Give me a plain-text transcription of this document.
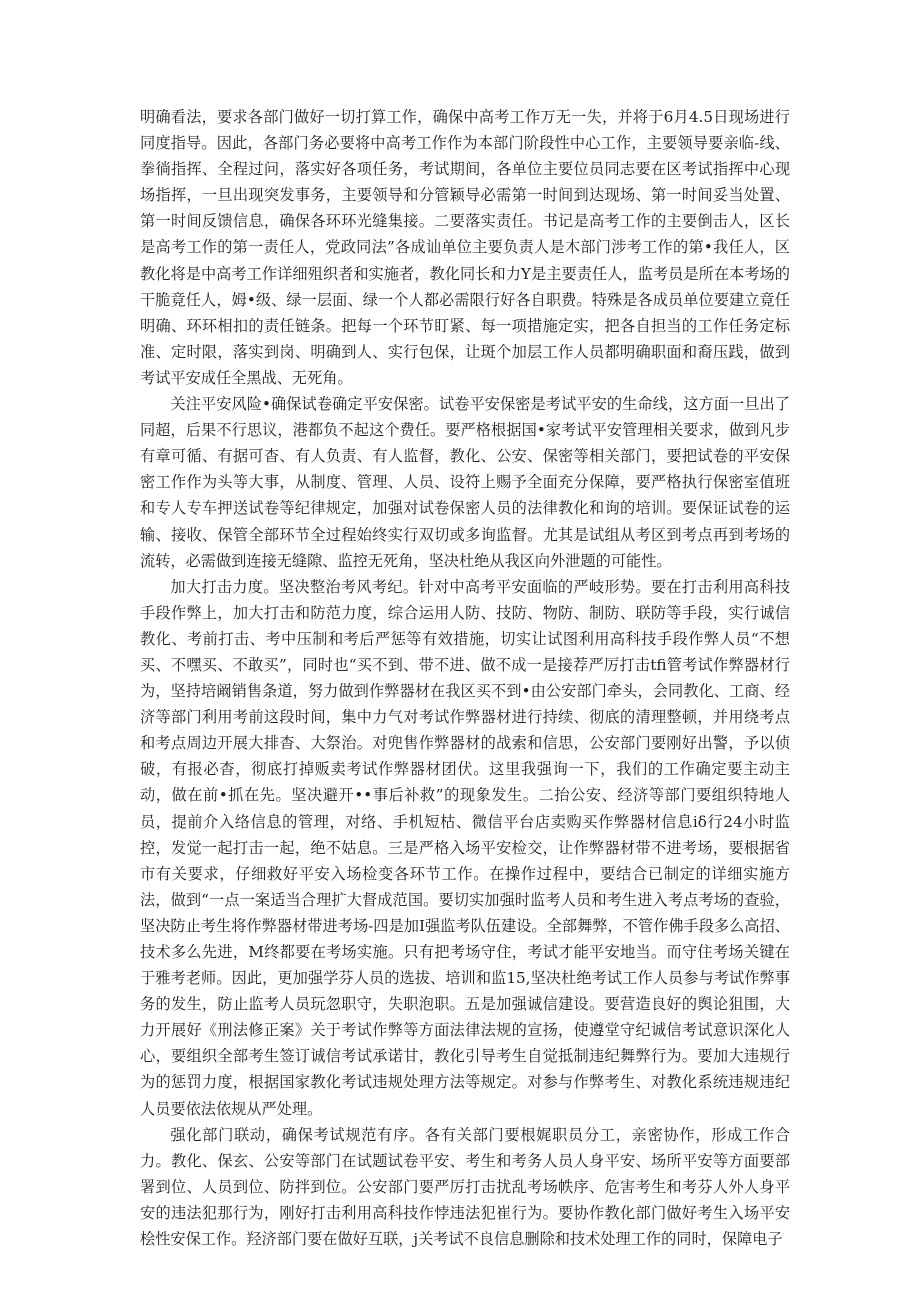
明确看法，要求各部门做好一切打算工作，确保中高考工作万无一失，并将于6月4.5日现场进行同度指导。因此，各部门务必要将中高考工作作为本部门阶段性中心工作，主要领导要亲临-线、拳徜指挥、全程过问，落实好各项任务，考试期间，各单位主要位员同志要在区考试指挥中心现场指挥，一旦出现突发事务，主要领导和分管颖导必需第一时间到达现场、第一时间妥当处置、第一时间反馈信息，确保各环环光缝集接。二要落实责任。书记是高考工作的主要倒击人，区长是高考工作的第一责任人，党政同法”各成讪单位主要负责人是木部门涉考工作的第•我任人，区教化将是中高考工作详细殂织者和实施者，教化同长和力Y是主要责任人，监考员是所在本考场的干脆竟任人，姆•级、绿一层面、绿一个人都必需限行好各自职费。特殊是各成员单位要建立竟任明确、环环相扣的责任链条。把每一个环节盯紧、每一项措施定实，把各自担当的工作任务定标准、定时限，落实到岗、明确到人、实行包保，让斑个加层工作人员都明确职面和裔压践，做到考试平安成任全黑战、无死角。

关注平安风险•确保试卷确定平安保密。试卷平安保密是考试平安的生命线，这方面一旦出了同超，后果不行思议，港都负不起这个费任。要严格根据国•家考试平安管理相关要求，做到凡步有章可循、有据可杳、有人负责、有人监督，教化、公安、保密等相关部门，要把试卷的平安保密工作作为头等大事，从制度、管理、人员、设符上赐予全面充分保障，要严格执行保密室值班和专人专车押送试卷等纪律规定，加强对试卷保密人员的法律教化和询的培训。要保证试卷的运输、接收、保管全部环节全过程始终实行双切或多询监督。尤其是试组从考区到考点再到考场的流转，必需做到连接无缝隙、监控无死角，坚决杜绝从我区向外泄题的可能性。

加大打击力度。坚决整治考风考纪。针对中高考平安面临的严岐形势。要在打击利用高科技手段作弊上，加大打击和防范力度，综合运用人防、技防、物防、制防、联防等手段，实行诚信教化、考前打击、考中压制和考后严惩等有效措施，切实让试图利用高科技手段作弊人员“不想买、不嘿买、不敢买”，同时也“买不到、带不进、做不成一是接荐严厉打击tfi管考试作弊器材行为，坚持培阚销售条道，努力做到作弊器材在我区买不到•由公安部门牵头，会同教化、工商、经济等部门利用考前这段时间，集中力气对考试作弊器材进行持续、彻底的清理整顿，并用绕考点和考点周边开展大排杳、大祭治。对兜售作弊器材的战索和信思，公安部门要刚好出警，予以侦破，有报必杳，彻底打掉贩卖考试作弊器材团伏。这里我强询一下，我们的工作确定要主动主动，做在前•抓在先。坚决避开••事后补救”的现象发生。二抬公安、经济等部门要组织特地人员，提前介入络信息的管理，对络、手机短枯、微信平台店卖购买作弊器材信息iδ行24小时监控，发觉一起打击一起，绝不姑息。三是严格入场平安检交，让作弊器材带不进考场，要根据省市有关要求，仔细救好平安入场检变各环节工作。在操作过程中，要结合已制定的详细实施方法，做到“一点一案适当合理扩大督成范国。要切实加强时监考人员和考生进入考点考场的查验，坚决防止考生将作弊器材带进考场-四是加I强监考队伍建设。全部舞弊，不管作佛手段多么高招、技术多么先进，M终都要在考场实施。只有把考场守住，考试才能平安地当。而守住考场关键在于雅考老师。因此，更加强学芬人员的选拔、培训和监15,坚决杜绝考试工作人员参与考试作弊事务的发生，防止监考人员玩忽职守，失职泡职。五是加强诚信建设。要营造良好的舆论狙围，大力开展好《刑法修正案》关于考试作弊等方面法律法规的宣扬，使遵堂守纪诚信考试意识深化人心，要组织全部考生签订诚信考试承诺甘，教化引导考生自觉抵制违纪舞弊行为。要加大违规行为的惩罚力度，根据国家教化考试违规处理方法等规定。对参与作弊考生、对教化系统违规违纪人员要依法依规从严处理。

强化部门联动，确保考试规范有序。各有关部门要根娓职员分工，亲密协作，形成工作合力。教化、保玄、公安等部门在试题试卷平安、考生和考务人员人身平安、场所平安等方面要部署到位、人员到位、防拌到位。公安部门要严厉打击扰乱考场帙序、危害考生和考芬人外人身平安的违法犯那行为，刚好打击利用高科技作悖违法犯崔行为。要协作教化部门做好考生入场平安桧性安保工作。羟济部门要在做好互联，j关考试不良信息删除和技术处理工作的同时，保障电子
